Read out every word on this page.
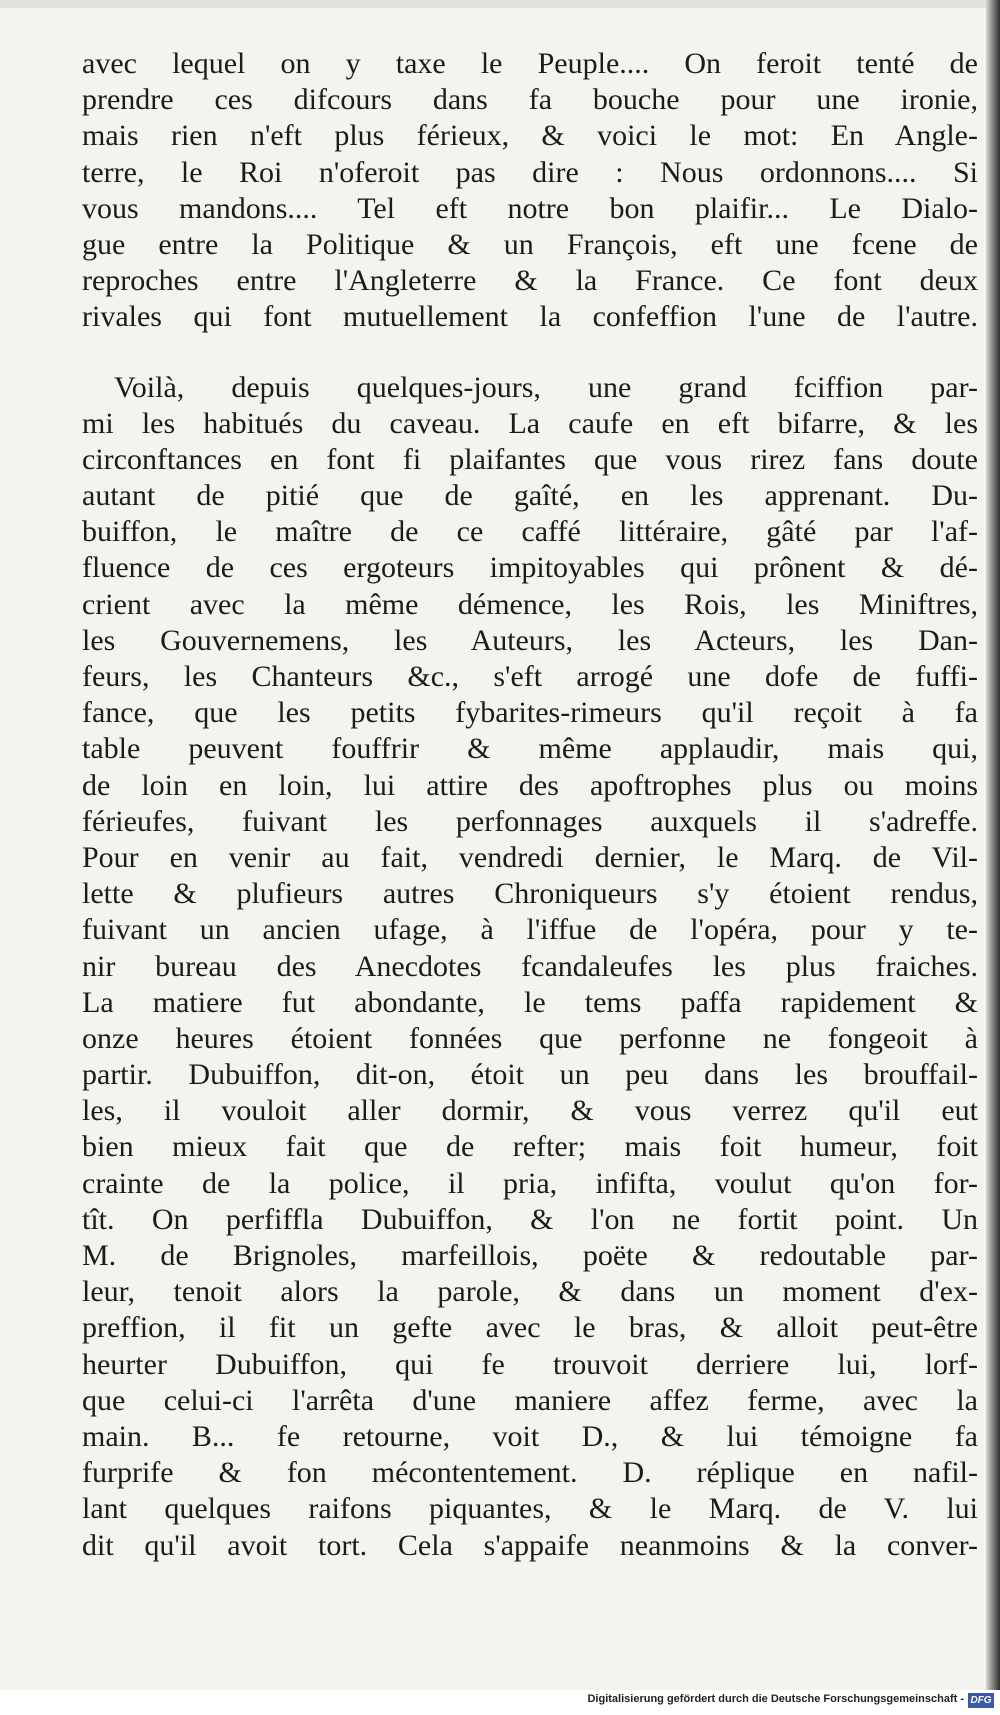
avec lequel on y taxe le Peuple.... On feroit tenté de
prendre ces difcours dans fa bouche pour une ironie,
mais rien n'eft plus férieux, & voici le mot: En Angle-
terre, le Roi n'oferoit pas dire : Nous ordonnons.... Si
vous mandons.... Tel eft notre bon plaifir... Le Dialo-
gue entre la Politique & un François, eft une fcene de
reproches entre l'Angleterre & la France. Ce font deux
rivales qui font mutuellement la confeffion l'une de l'autre.
Voilà, depuis quelques-jours, une grand fciffion par-
mi les habitués du caveau. La caufe en eft bifarre, & les
circonftances en font fi plaifantes que vous rirez fans doute
autant de pitié que de gaîté, en les apprenant. Du-
buiffon, le maître de ce caffé littéraire, gâté par l'af-
fluence de ces ergoteurs impitoyables qui prônent & dé-
crient avec la même démence, les Rois, les Miniftres,
les Gouvernemens, les Auteurs, les Acteurs, les Dan-
feurs, les Chanteurs &c., s'eft arrogé une dofe de fuffi-
fance, que les petits fybarites-rimeurs qu'il reçoit à fa
table peuvent fouffrir & même applaudir, mais qui,
de loin en loin, lui attire des apoftrophes plus ou moins
férieufes, fuivant les perfonnages auxquels il s'adreffe.
Pour en venir au fait, vendredi dernier, le Marq. de Vil-
lette & plufieurs autres Chroniqueurs s'y étoient rendus,
fuivant un ancien ufage, à l'iffue de l'opéra, pour y te-
nir bureau des Anecdotes fcandaleufes les plus fraiches.
La matiere fut abondante, le tems paffa rapidement &
onze heures étoient fonnées que perfonne ne fongeoit à
partir. Dubuiffon, dit-on, étoit un peu dans les brouffail-
les, il vouloit aller dormir, & vous verrez qu'il eut
bien mieux fait que de refter; mais foit humeur, foit
crainte de la police, il pria, infifta, voulut qu'on for-
tît. On perfiffla Dubuiffon, & l'on ne fortit point. Un
M. de Brignoles, marfeillois, poëte & redoutable par-
leur, tenoit alors la parole, & dans un moment d'ex-
preffion, il fit un gefte avec le bras, & alloit peut-être
heurter Dubuiffon, qui fe trouvoit derriere lui, lorf-
que celui-ci l'arrêta d'une maniere affez ferme, avec la
main. B... fe retourne, voit D., & lui témoigne fa
furprife & fon mécontentement. D. réplique en nafil-
lant quelques raifons piquantes, & le Marq. de V. lui
dit qu'il avoit tort. Cela s'appaife neanmoins & la conver-
Digitalisierung gefördert durch die Deutsche Forschungsgemeinschaft - DFG
